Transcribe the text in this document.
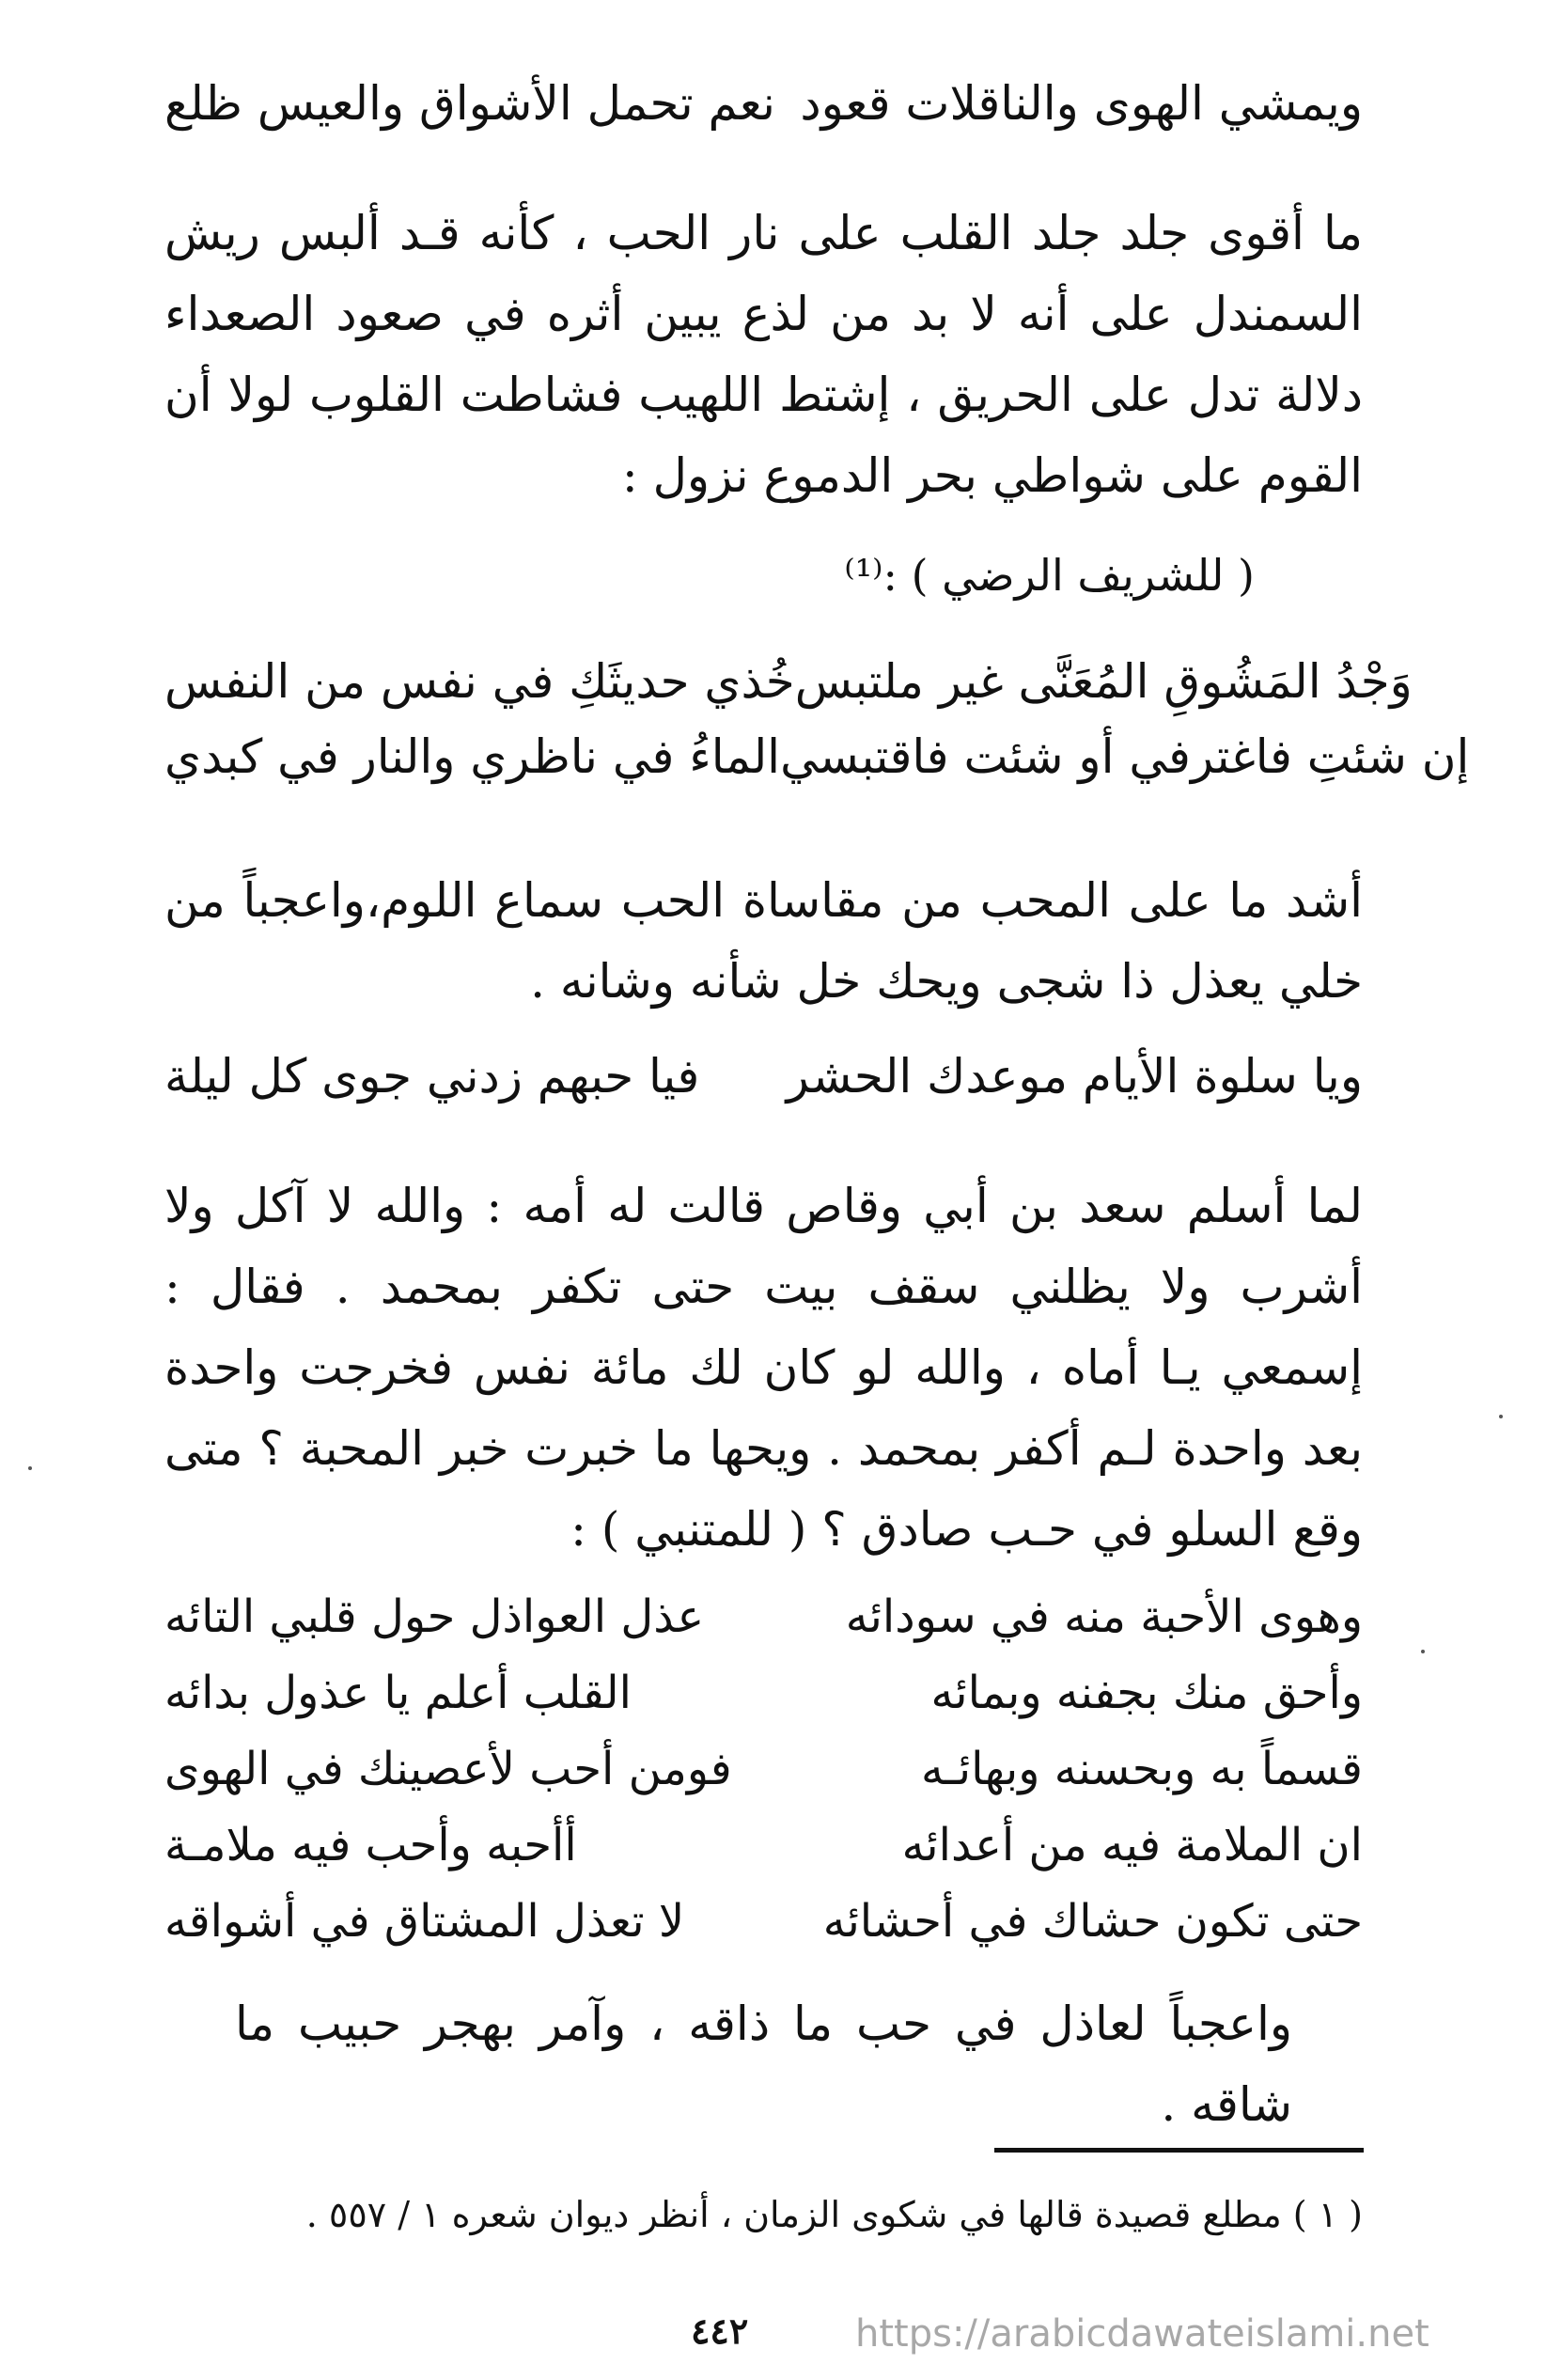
نعم تحمل الأشواق والعيس ظلع ويمشي الهوى والناقلات قعود
ما أقوى جلد جلد القلب على نار الحب ، كأنه قـد ألبس ريش السمندل على أنه لا بد من لذع يبين أثره في صعود الصعداء دلالة تدل على الحريق ، إشتط اللهيب فشاطت القلوب لولا أن القوم على شواطي بحر الدموع نزول :
( للشريف الرضي ) :⁽¹⁾
خُذي حديثَكِ في نفس من النفس وَجْدُ المَشُوقِ المُعَنَّى غير ملتبس
الماءُ في ناظري والنار في كبدي إن شئتِ فاغترفي أو شئت فاقتبسي
أشد ما على المحب من مقاساة الحب سماع اللوم،واعجباً من خلي يعذل ذا شجى ويحك خل شأنه وشانه .
فيا حبهم زدني جوى كل ليلة ويا سلوة الأيام موعدك الحشر
لما أسلم سعد بن أبي وقاص قالت له أمه : والله لا آكل ولا أشرب ولا يظلني سقف بيت حتى تكفر بمحمد . فقال : إسمعي يـا أماه ، والله لو كان لك مائة نفس فخرجت واحدة بعد واحدة لـم أكفر بمحمد . ويحها ما خبرت خبر المحبة ؟ متى وقع السلو في حـب صادق ؟ ( للمتنبي ) :
عذل العواذل حول قلبي التائه	وهوى الأحبة منه في سودائه
القلب أعلم يا عذول بدائه	وأحق منك بجفنه وبمائه
فومن أحب لأعصينك في الهوى	قسماً به وبحسنه وبهائـه
أأحبه وأحب فيه ملامـة	ان الملامة فيه من أعدائه
لا تعذل المشتاق في أشواقه	حتى تكون حشاك في أحشائه
واعجباً لعاذل في حب ما ذاقه ، وآمر بهجر حبيب ما شاقه .
( ١ ) مطلع قصيدة قالها في شكوى الزمان ، أنظر ديوان شعره ١ / ٥٥٧ .
٤٤٢	https://arabicdawateislami.net
